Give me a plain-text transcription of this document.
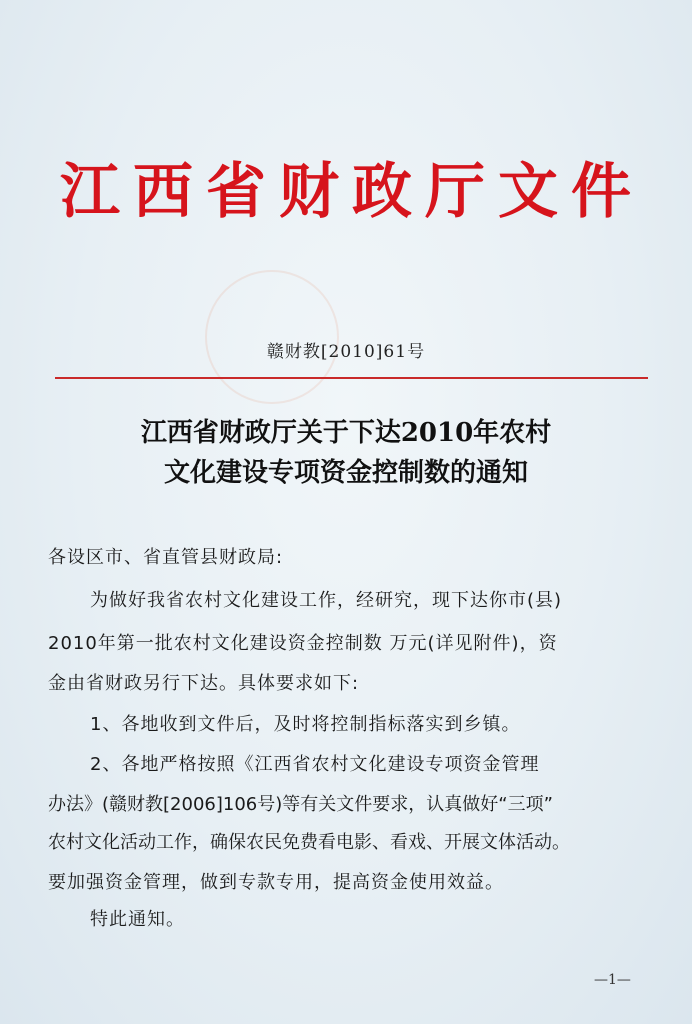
江西省财政厅文件
赣财教[2010]61号
江西省财政厅关于下达2010年农村
文化建设专项资金控制数的通知
各设区市、省直管县财政局:
为做好我省农村文化建设工作，经研究，现下达你市(县)
2010年第一批农村文化建设资金控制数 万元(详见附件)，资
金由省财政另行下达。具体要求如下:
1、各地收到文件后，及时将控制指标落实到乡镇。
2、各地严格按照《江西省农村文化建设专项资金管理
办法》(赣财教[2006]106号)等有关文件要求，认真做好“三项”
农村文化活动工作，确保农民免费看电影、看戏、开展文体活动。
要加强资金管理，做到专款专用，提高资金使用效益。
特此通知。
—1—
